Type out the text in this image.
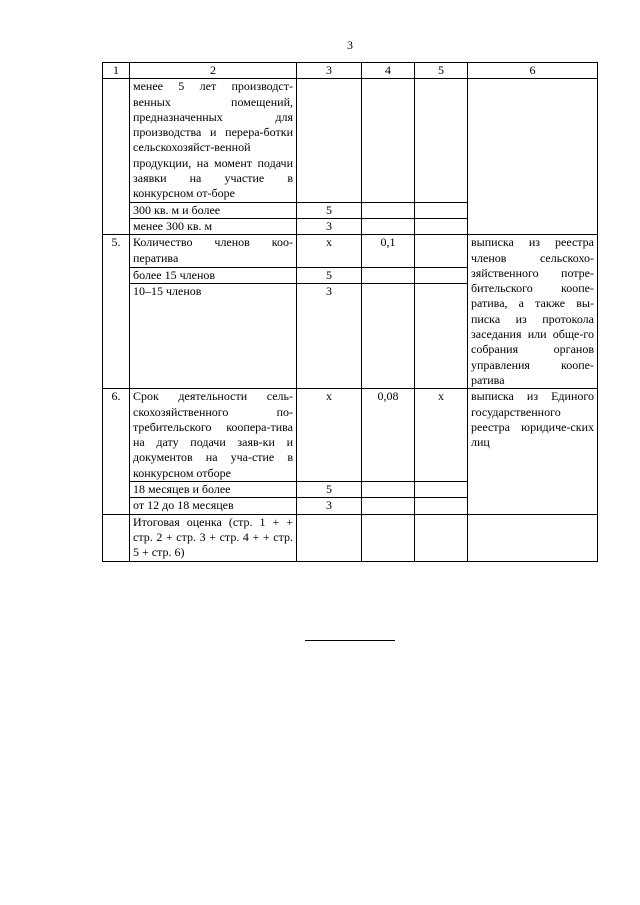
3
1	2	3	4	5	6
	менее 5 лет производст-венных помещений, предназначенных для производства и перера-ботки сельскохозяйст-венной продукции, на момент подачи заявки на участие в конкурсном от-боре				
	300 кв. м и более	5			
	менее 300 кв. м	3			
5.	Количество членов коо-ператива	х	0,1		выписка из реестра членов сельскохо-зяйственного потре-бительского коопе-ратива, а также вы-писка из протокола заседания или обще-го собрания органов управления коопе-ратива
	более 15 членов	5			
	10–15 членов	3			
6.	Срок деятельности сель-скохозяйственного по-требительского коопера-тива на дату подачи заяв-ки и документов на уча-стие в конкурсном отборе	х	0,08	х	выписка из Единого государственного реестра юридиче-ских лиц
	18 месяцев и более	5			
	от 12 до 18 месяцев	3			
	Итоговая оценка (стр. 1 + + стр. 2 + стр. 3 + стр. 4 + + стр. 5 + стр. 6)				
